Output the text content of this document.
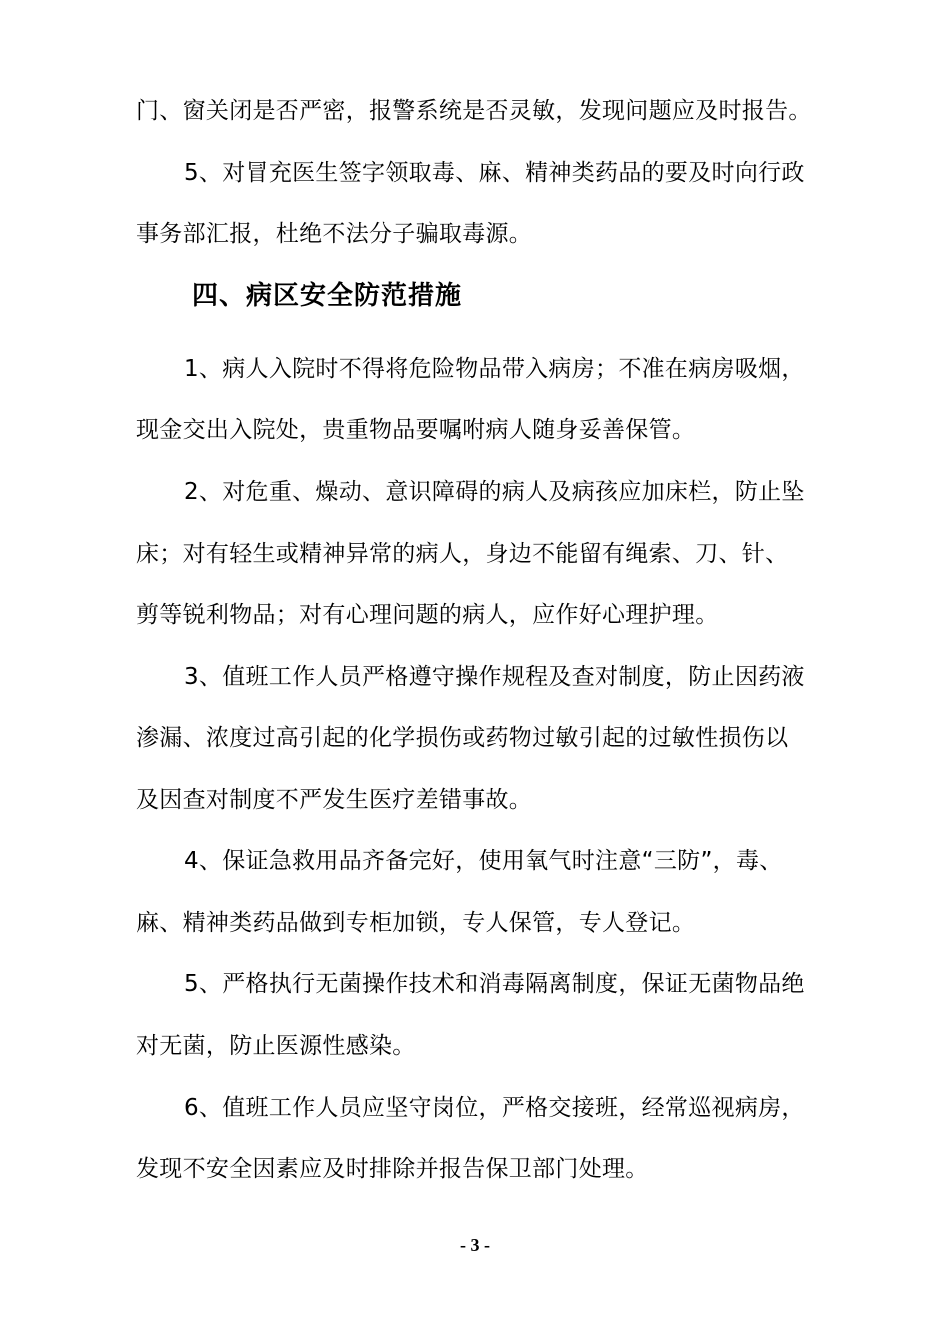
门、窗关闭是否严密，报警系统是否灵敏，发现问题应及时报告。
5、对冒充医生签字领取毒、麻、精神类药品的要及时向行政
事务部汇报，杜绝不法分子骗取毒源。
四、病区安全防范措施
1、病人入院时不得将危险物品带入病房；不准在病房吸烟，
现金交出入院处，贵重物品要嘱咐病人随身妥善保管。
2、对危重、燥动、意识障碍的病人及病孩应加床栏，防止坠
床；对有轻生或精神异常的病人，身边不能留有绳索、刀、针、
剪等锐利物品；对有心理问题的病人，应作好心理护理。
3、值班工作人员严格遵守操作规程及查对制度，防止因药液
渗漏、浓度过高引起的化学损伤或药物过敏引起的过敏性损伤以
及因查对制度不严发生医疗差错事故。
4、保证急救用品齐备完好，使用氧气时注意“三防”，毒、
麻、精神类药品做到专柜加锁，专人保管，专人登记。
5、严格执行无菌操作技术和消毒隔离制度，保证无菌物品绝
对无菌，防止医源性感染。
6、值班工作人员应坚守岗位，严格交接班，经常巡视病房，
发现不安全因素应及时排除并报告保卫部门处理。
- 3 -
